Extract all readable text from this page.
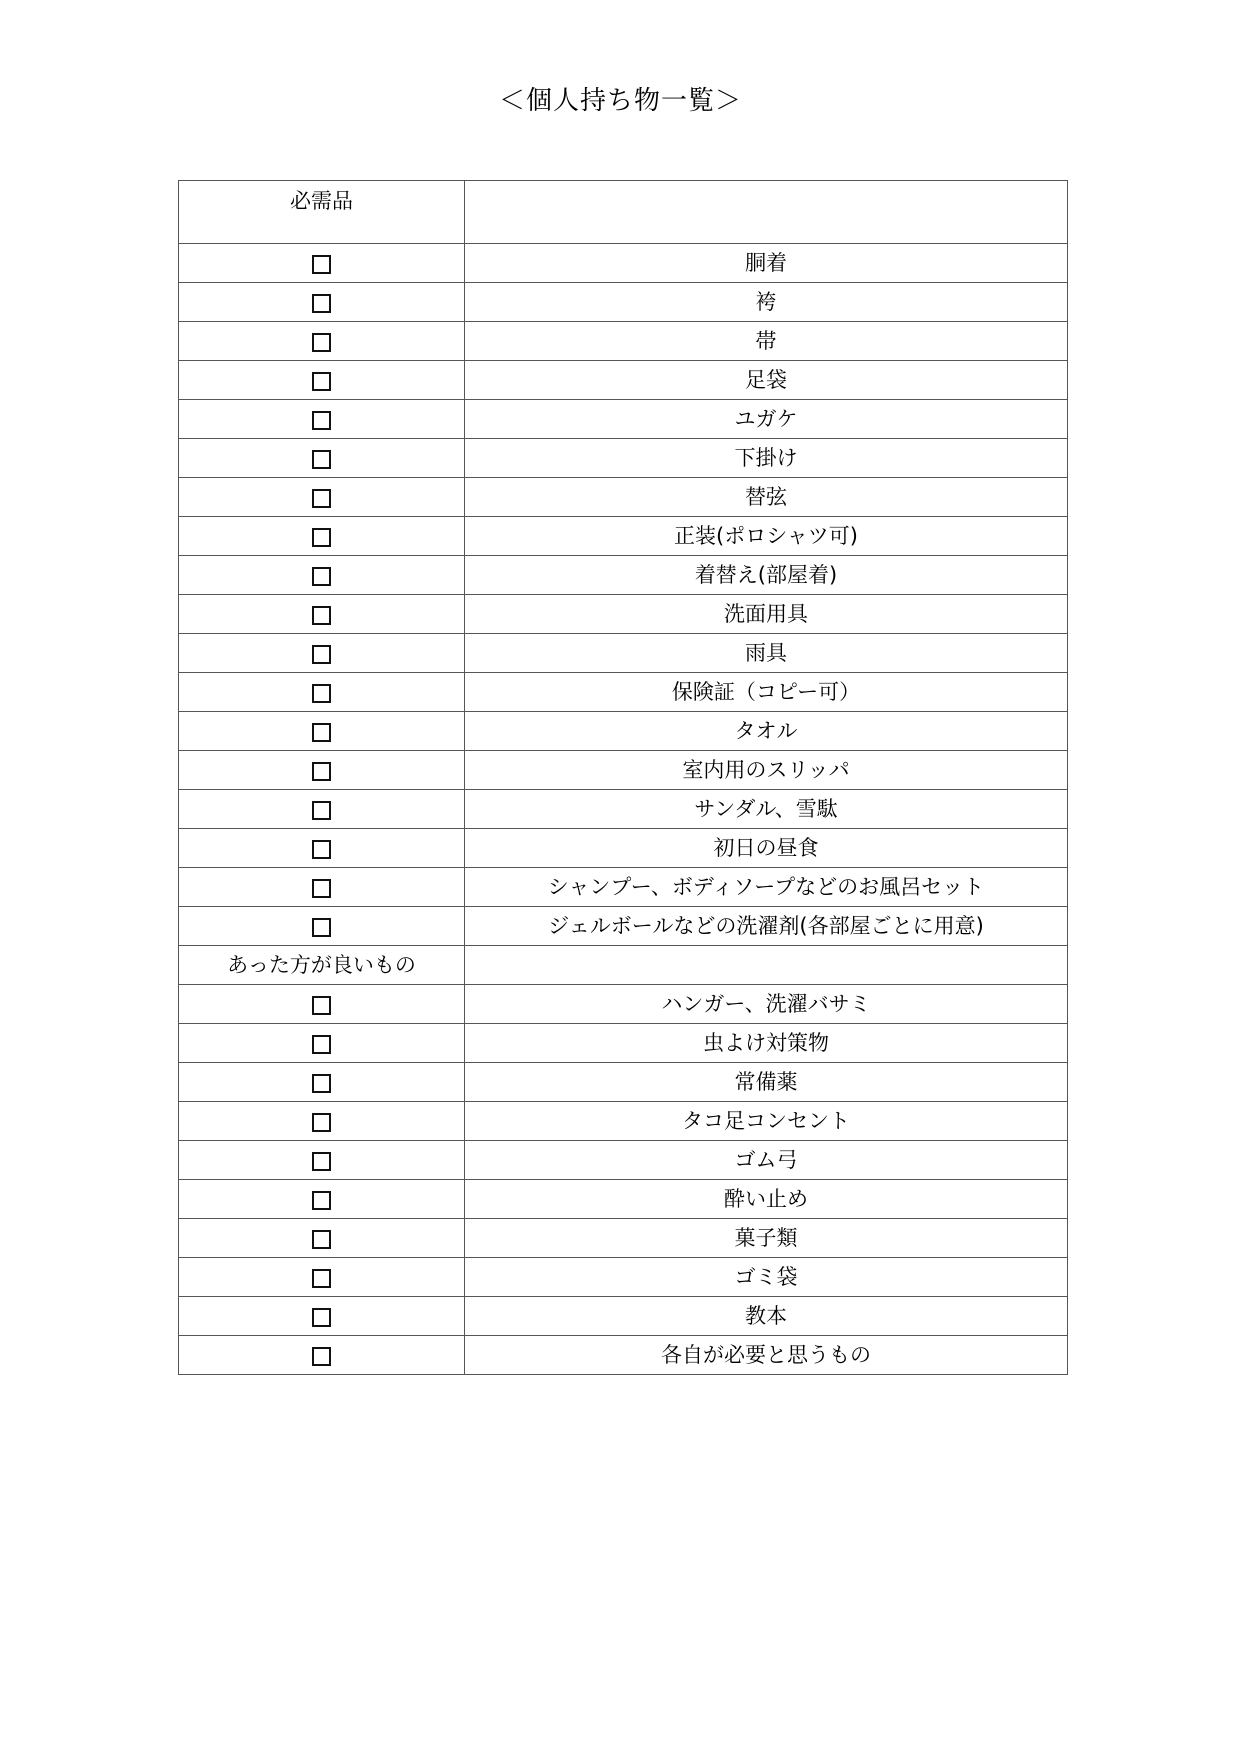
＜個人持ち物一覧＞
必需品	
	胴着
	袴
	帯
	足袋
	ユガケ
	下掛け
	替弦
	正装(ポロシャツ可)
	着替え(部屋着)
	洗面用具
	雨具
	保険証（コピー可）
	タオル
	室内用のスリッパ
	サンダル、雪駄
	初日の昼食
	シャンプー、ボディソープなどのお風呂セット
	ジェルボールなどの洗濯剤(各部屋ごとに用意)
あった方が良いもの	
	ハンガー、洗濯バサミ
	虫よけ対策物
	常備薬
	タコ足コンセント
	ゴム弓
	酔い止め
	菓子類
	ゴミ袋
	教本
	各自が必要と思うもの
